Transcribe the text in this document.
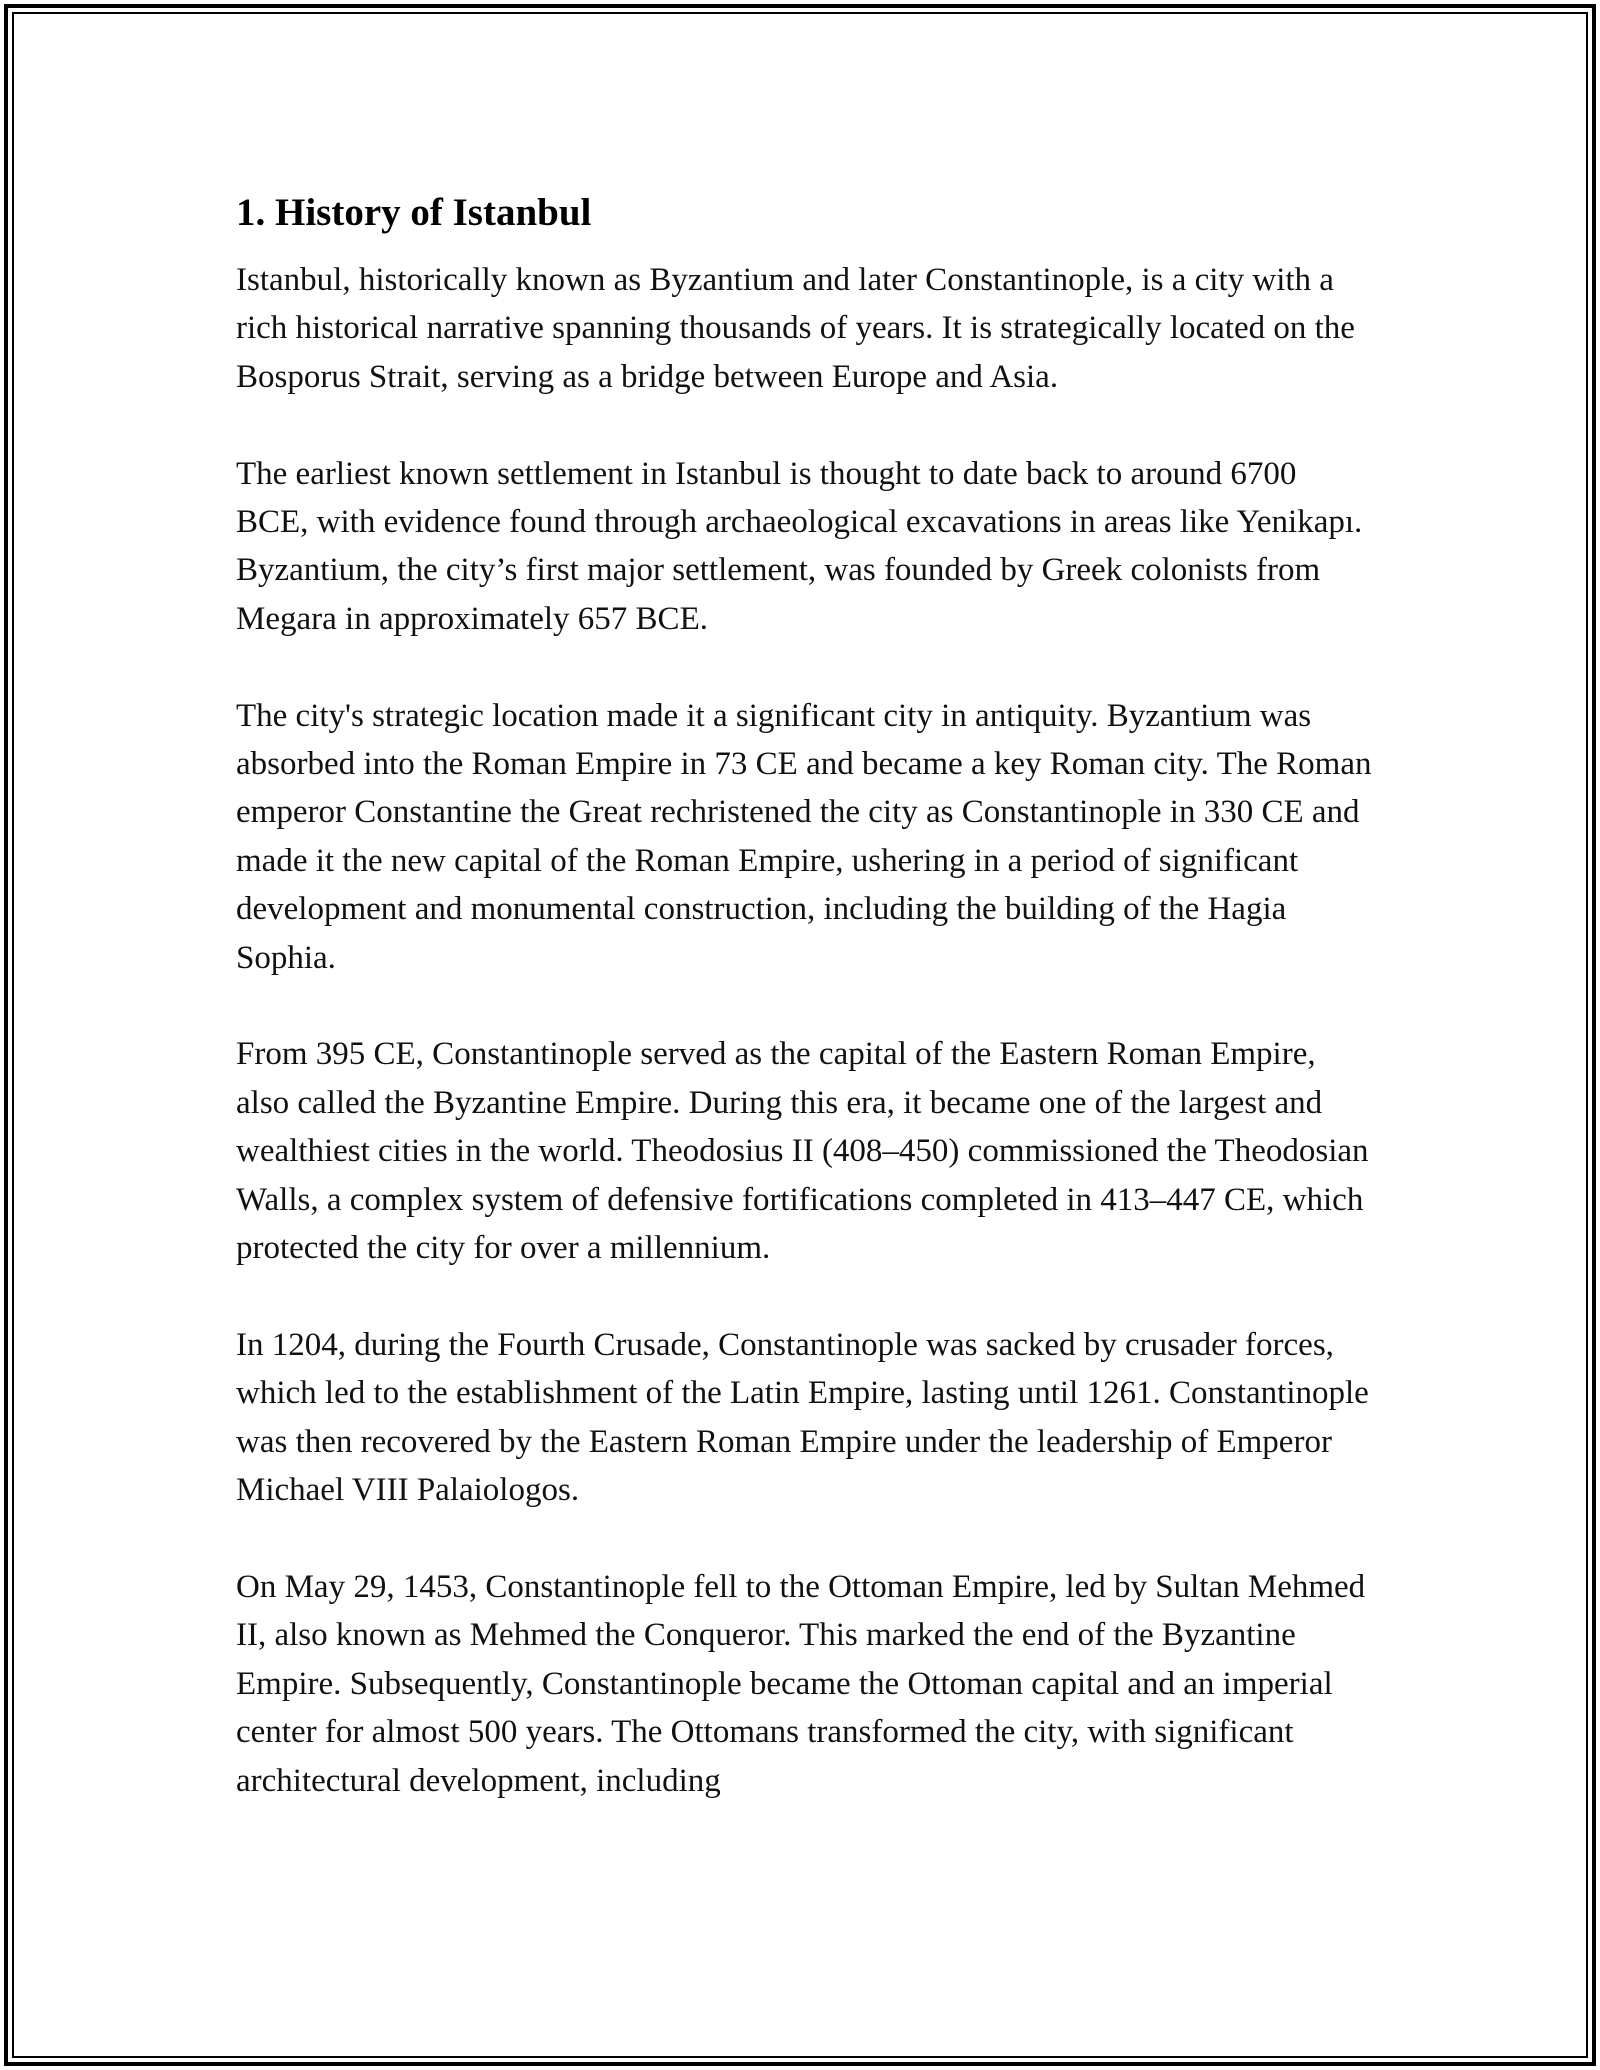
1. History of Istanbul

Istanbul, historically known as Byzantium and later Constantinople, is a city with a rich historical narrative spanning thousands of years. It is strategically located on the Bosporus Strait, serving as a bridge between Europe and Asia.

The earliest known settlement in Istanbul is thought to date back to around 6700 BCE, with evidence found through archaeological excavations in areas like Yenikapı. Byzantium, the city’s first major settlement, was founded by Greek colonists from Megara in approximately 657 BCE.

The city's strategic location made it a significant city in antiquity. Byzantium was absorbed into the Roman Empire in 73 CE and became a key Roman city. The Roman emperor Constantine the Great rechristened the city as Constantinople in 330 CE and made it the new capital of the Roman Empire, ushering in a period of significant development and monumental construction, including the building of the Hagia Sophia.

From 395 CE, Constantinople served as the capital of the Eastern Roman Empire, also called the Byzantine Empire. During this era, it became one of the largest and wealthiest cities in the world. Theodosius II (408–450) commissioned the Theodosian Walls, a complex system of defensive fortifications completed in 413–447 CE, which protected the city for over a millennium.

In 1204, during the Fourth Crusade, Constantinople was sacked by crusader forces, which led to the establishment of the Latin Empire, lasting until 1261. Constantinople was then recovered by the Eastern Roman Empire under the leadership of Emperor Michael VIII Palaiologos.

On May 29, 1453, Constantinople fell to the Ottoman Empire, led by Sultan Mehmed II, also known as Mehmed the Conqueror. This marked the end of the Byzantine Empire. Subsequently, Constantinople became the Ottoman capital and an imperial center for almost 500 years. The Ottomans transformed the city, with significant architectural development, including
